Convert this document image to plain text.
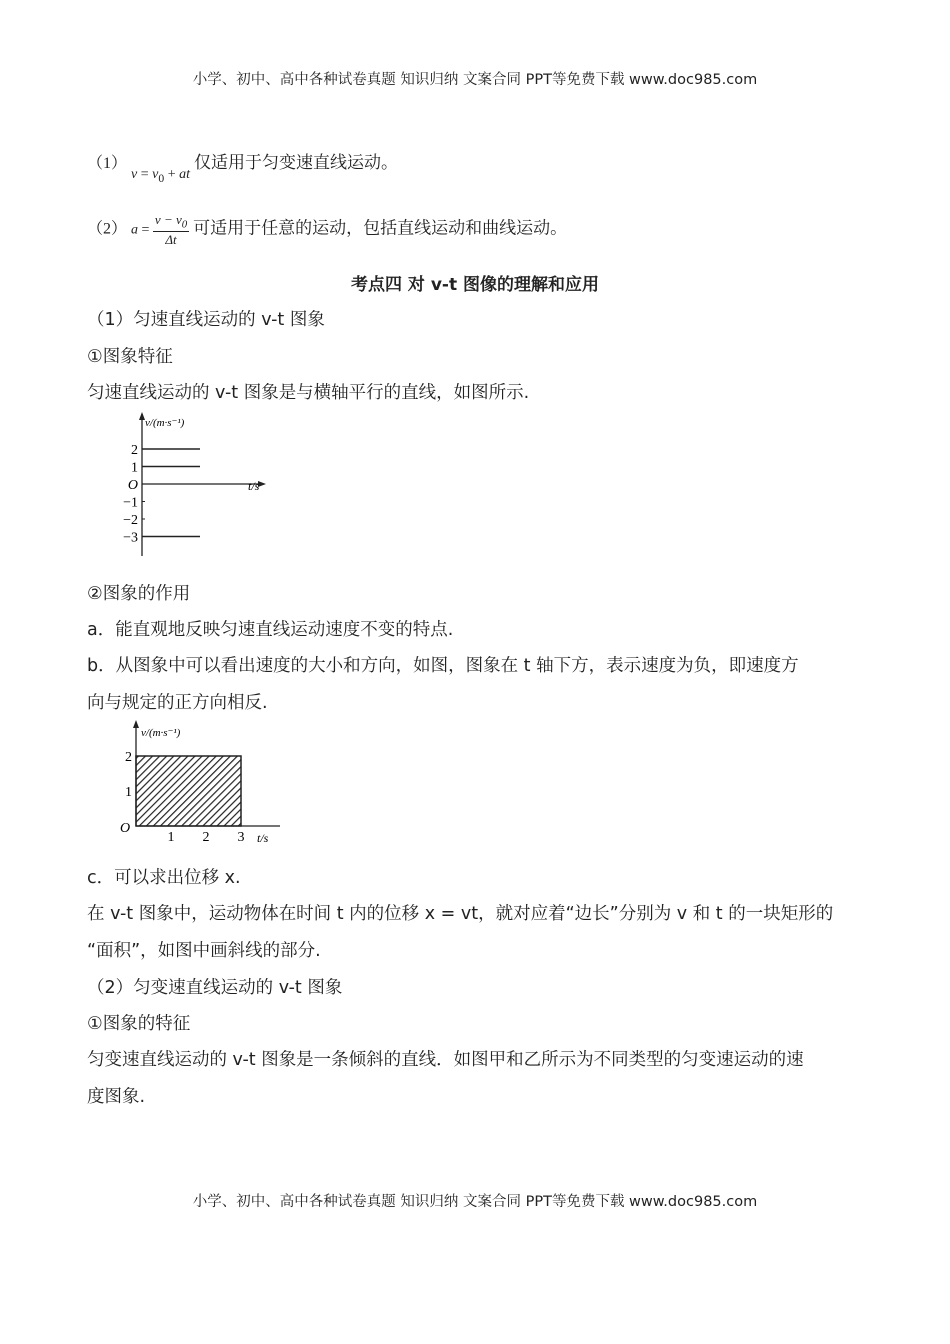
小学、初中、高中各种试卷真题 知识归纳 文案合同 PPT等免费下载 www.doc985.com
（1） $v = v_0$ + at 仅适用于匀变速直线运动。
（2） $a = \frac{v - v_0}{\Delta t}$ 可适用于任意的运动，包括直线运动和曲线运动。
考点四 对 v-t 图像的理解和应用
（1）匀速直线运动的 v-t 图象
①图象特征
匀速直线运动的 v-t 图象是与横轴平行的直线，如图所示.
v/(m·s⁻¹)
t/s
2
1
O
−1
−2
−3
②图象的作用
a．能直观地反映匀速直线运动速度不变的特点.
b．从图象中可以看出速度的大小和方向，如图，图象在 t 轴下方，表示速度为负，即速度方
向与规定的正方向相反.
v/(m·s⁻¹)
t/s
O
2
1
1 2 3
c．可以求出位移 x.
在 v-t 图象中，运动物体在时间 t 内的位移 x = vt，就对应着“边长”分别为 v 和 t 的一块矩形的
“面积”，如图中画斜线的部分.
（2）匀变速直线运动的 v-t 图象
①图象的特征
匀变速直线运动的 v-t 图象是一条倾斜的直线．如图甲和乙所示为不同类型的匀变速运动的速
度图象.
小学、初中、高中各种试卷真题 知识归纳 文案合同 PPT等免费下载 www.doc985.com
